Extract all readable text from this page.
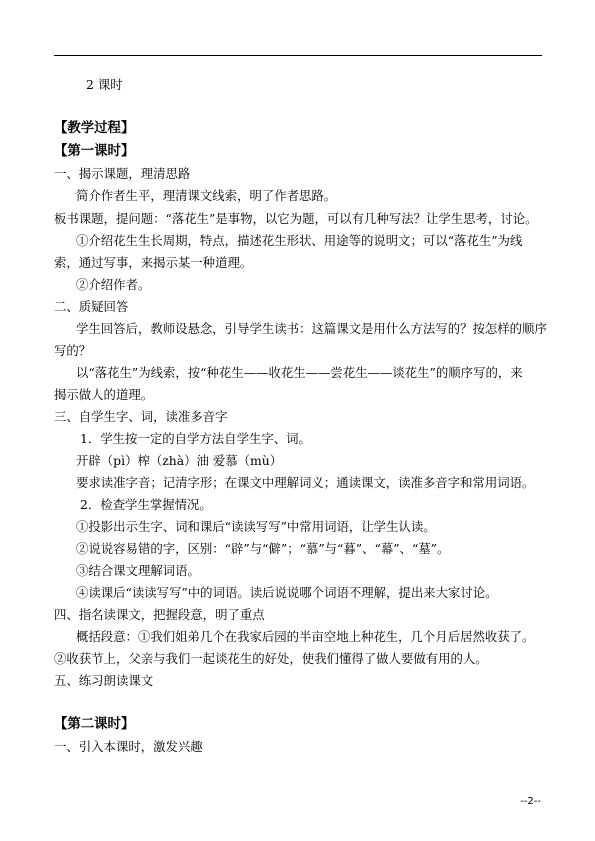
2 课时
【教学过程】
【第一课时】
一、揭示课题，理清思路
简介作者生平，理清课文线索，明了作者思路。
板书课题，提问题：“落花生”是事物，以它为题，可以有几种写法？让学生思考，讨论。
①介绍花生生长周期，特点，描述花生形状、用途等的说明文；可以“落花生”为线
索，通过写事，来揭示某一种道理。
②介绍作者。
二、质疑回答
学生回答后，教师设悬念，引导学生读书：这篇课文是用什么方法写的？按怎样的顺序
写的？
以“落花生”为线索，按“种花生——收花生——尝花生——谈花生”的顺序写的，来
揭示做人的道理。
三、自学生字、词，读准多音字
1．学生按一定的自学方法自学生字、词。
开辟（pì）榨（zhà）油 爱慕（mù）
要求读准字音；记清字形；在课文中理解词义；通读课文，读准多音字和常用词语。
2．检查学生掌握情况。
①投影出示生字、词和课后“读读写写”中常用词语，让学生认读。
②说说容易错的字，区别：“辟”与“僻”；“慕”与“暮”、“幕”、“墓”。
③结合课文理解词语。
④读课后“读读写写”中的词语。读后说说哪个词语不理解，提出来大家讨论。
四、指名读课文，把握段意，明了重点
概括段意：①我们姐弟几个在我家后园的半亩空地上种花生，几个月后居然收获了。
②收获节上，父亲与我们一起谈花生的好处，使我们懂得了做人要做有用的人。
五、练习朗读课文
【第二课时】
一、引入本课时，激发兴趣
--2--
